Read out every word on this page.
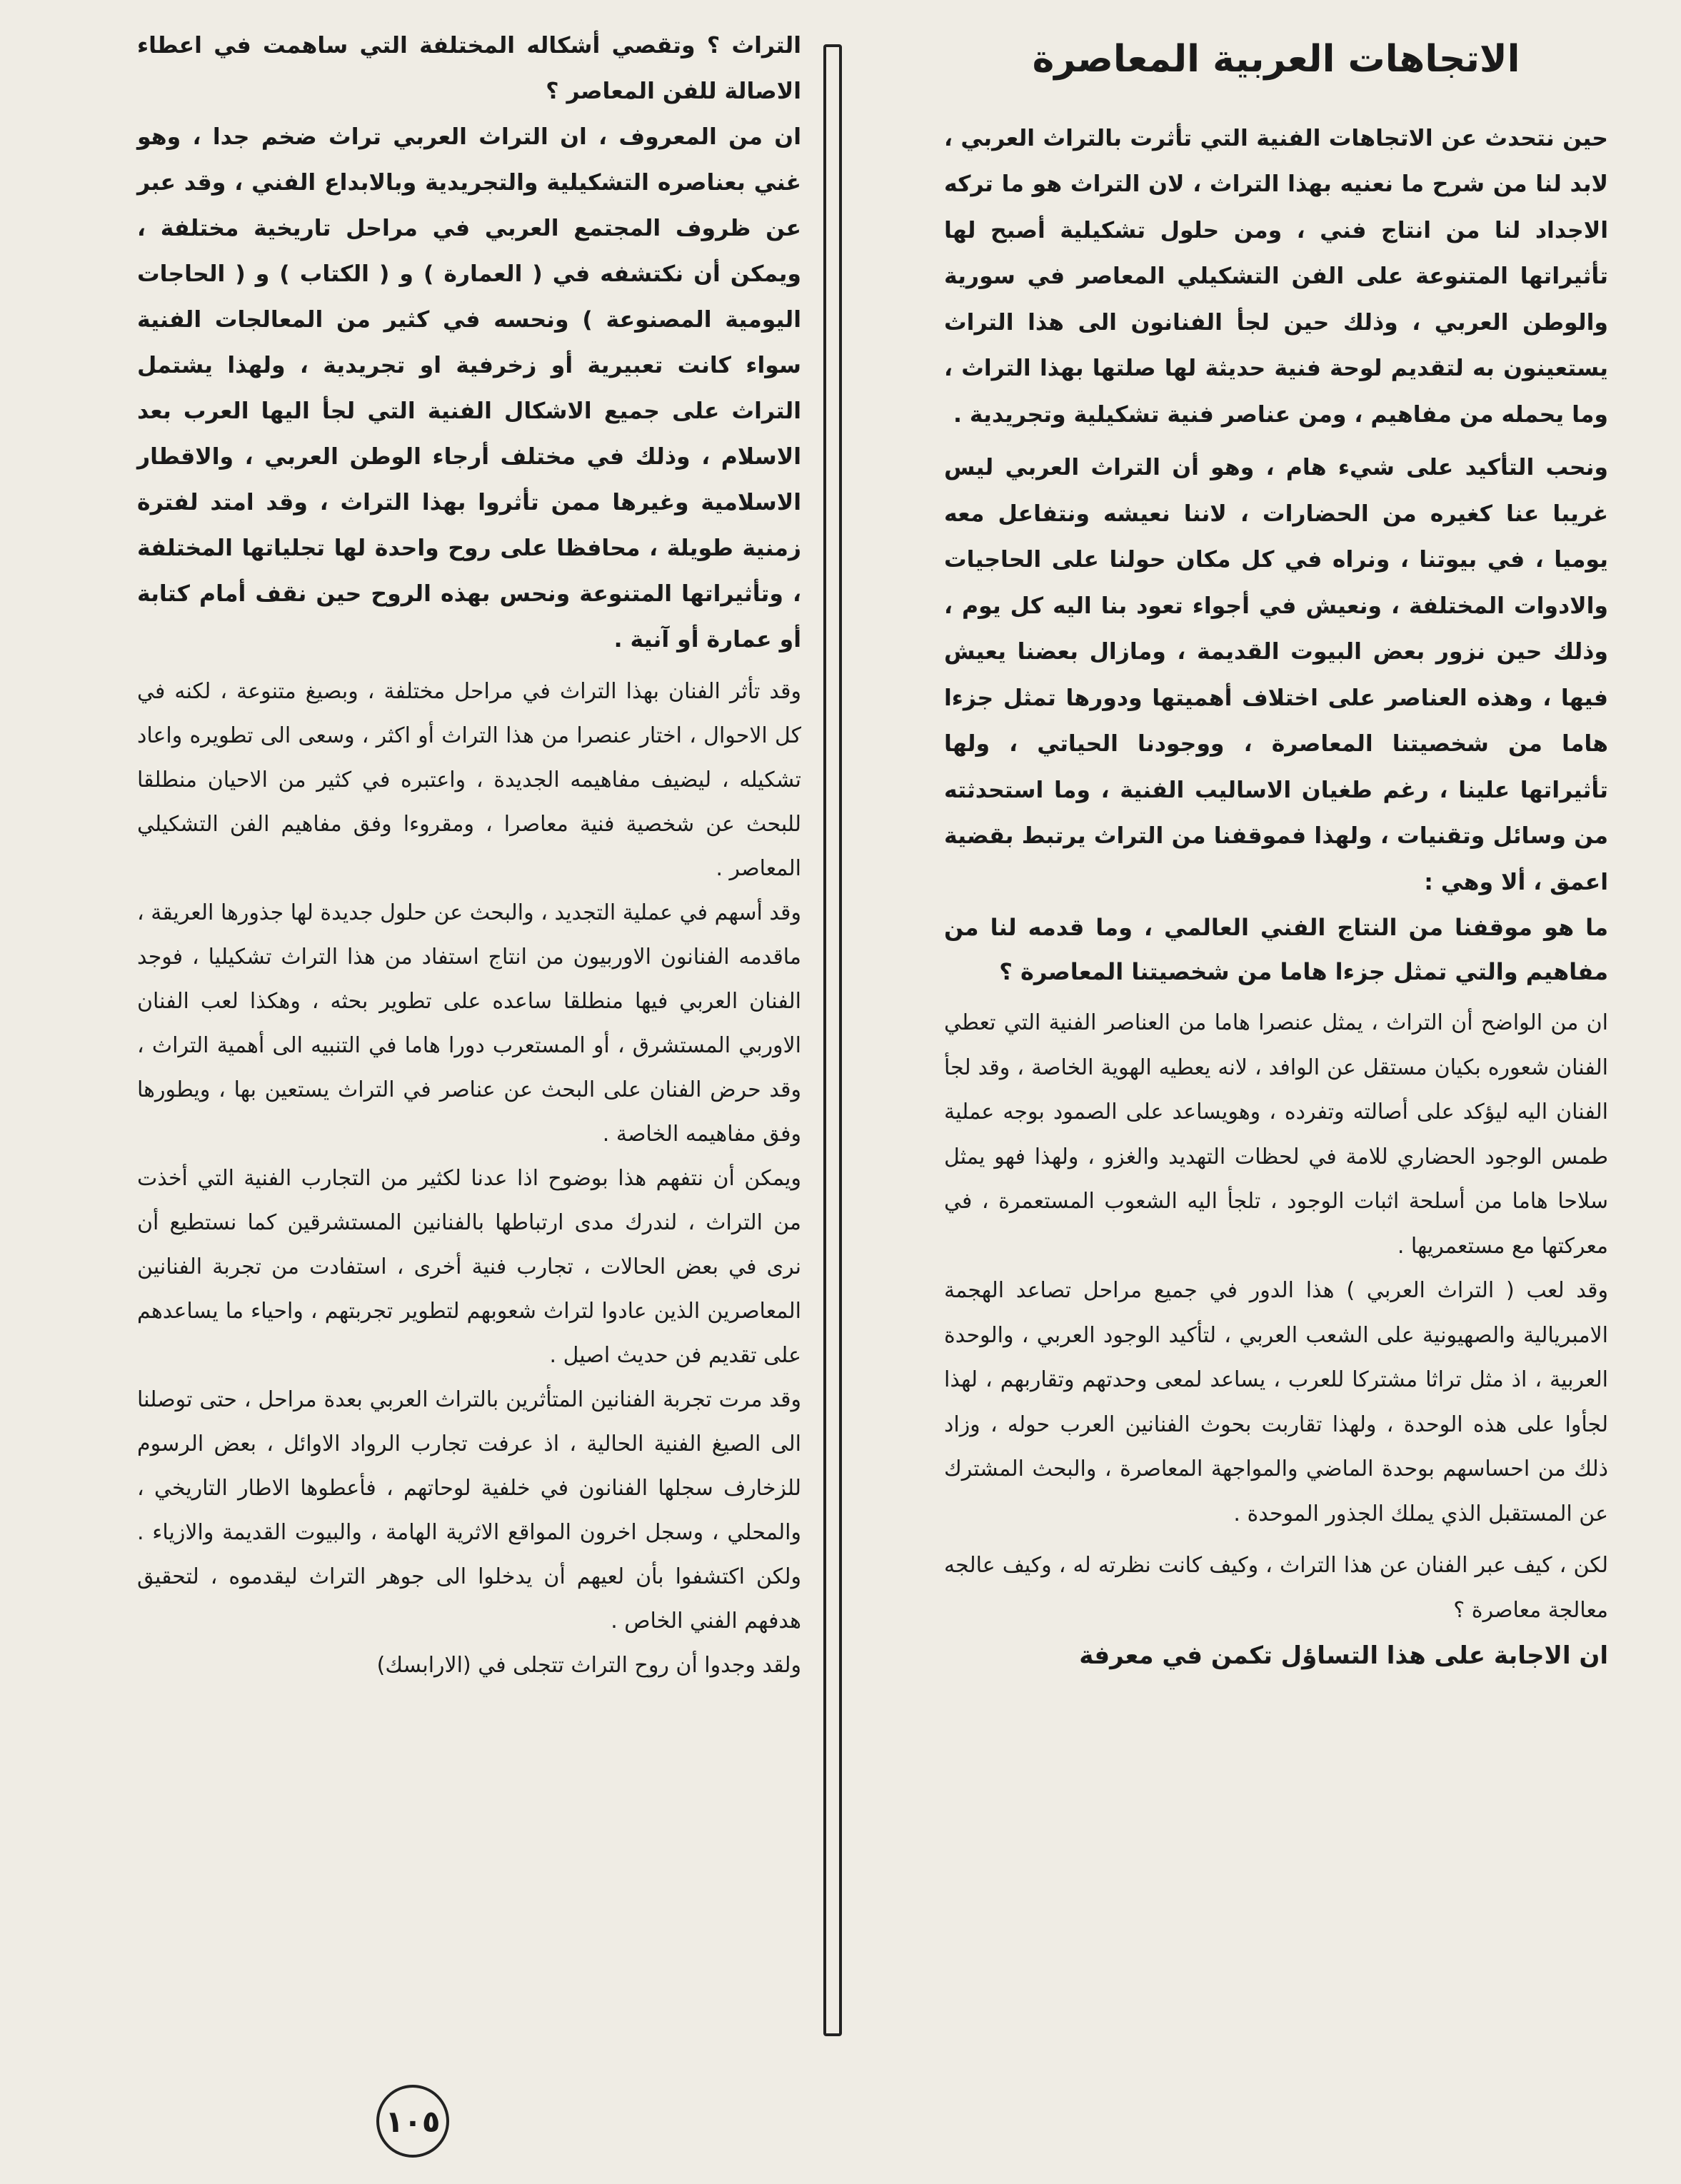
الاتجاهات العربية المعاصرة

حين نتحدث عن الاتجاهات الفنية التي تأثرت بالتراث العربي ، لابد لنا من شرح ما نعنيه بهذا التراث ، لان التراث هو ما تركه الاجداد لنا من انتاج فني ، ومن حلول تشكيلية أصبح لها تأثيراتها المتنوعة على الفن التشكيلي المعاصر في سورية والوطن العربي ، وذلك حين لجأ الفنانون الى هذا التراث يستعينون به لتقديم لوحة فنية حديثة لها صلتها بهذا التراث ، وما يحمله من مفاهيم ، ومن عناصر فنية تشكيلية وتجريدية .

ونحب التأكيد على شيء هام ، وهو أن التراث العربي ليس غريبا عنا كغيره من الحضارات ، لاننا نعيشه ونتفاعل معه يوميا ، في بيوتنا ، ونراه في كل مكان حولنا على الحاجيات والادوات المختلفة ، ونعيش في أجواء تعود بنا اليه كل يوم ، وذلك حين نزور بعض البيوت القديمة ، ومازال بعضنا يعيش فيها ، وهذه العناصر على اختلاف أهميتها ودورها تمثل جزءا هاما من شخصيتنا المعاصرة ، ووجودنا الحياتي ، ولها تأثيراتها علينا ، رغم طغيان الاساليب الفنية ، وما استحدثته من وسائل وتقنيات ، ولهذا فموقفنا من التراث يرتبط بقضية اعمق ، ألا وهي :

ما هو موقفنا من النتاج الفني العالمي ، وما قدمه لنا من مفاهيم والتي تمثل جزءا هاما من شخصيتنا المعاصرة ؟

ان من الواضح أن التراث ، يمثل عنصرا هاما من العناصر الفنية التي تعطي الفنان شعوره بكيان مستقل عن الوافد ، لانه يعطيه الهوية الخاصة ، وقد لجأ الفنان اليه ليؤكد على أصالته وتفرده ، وهويساعد على الصمود بوجه عملية طمس الوجود الحضاري للامة في لحظات التهديد والغزو ، ولهذا فهو يمثل سلاحا هاما من أسلحة اثبات الوجود ، تلجأ اليه الشعوب المستعمرة ، في معركتها مع مستعمريها .

وقد لعب ( التراث العربي ) هذا الدور في جميع مراحل تصاعد الهجمة الامبريالية والصهيونية على الشعب العربي ، لتأكيد الوجود العربي ، والوحدة العربية ، اذ مثل تراثا مشتركا للعرب ، يساعد لمعى وحدتهم وتقاربهم ، لهذا لجأوا على هذه الوحدة ، ولهذا تقاربت بحوث الفنانين العرب حوله ، وزاد ذلك من احساسهم بوحدة الماضي والمواجهة المعاصرة ، والبحث المشترك عن المستقبل الذي يملك الجذور الموحدة .

لكن ، كيف عبر الفنان عن هذا التراث ، وكيف كانت نظرته له ، وكيف عالجه معالجة معاصرة ؟

ان الاجابة على هذا التساؤل تكمن في معرفة

التراث ؟ وتقصي أشكاله المختلفة التي ساهمت في اعطاء الاصالة للفن المعاصر ؟

ان من المعروف ، ان التراث العربي تراث ضخم جدا ، وهو غني بعناصره التشكيلية والتجريدية وبالابداع الفني ، وقد عبر عن ظروف المجتمع العربي في مراحل تاريخية مختلفة ، ويمكن أن نكتشفه في ( العمارة ) و ( الكتاب ) و ( الحاجات اليومية المصنوعة ) ونحسه في كثير من المعالجات الفنية سواء كانت تعبيرية أو زخرفية او تجريدية ، ولهذا يشتمل التراث على جميع الاشكال الفنية التي لجأ اليها العرب بعد الاسلام ، وذلك في مختلف أرجاء الوطن العربي ، والاقطار الاسلامية وغيرها ممن تأثروا بهذا التراث ، وقد امتد لفترة زمنية طويلة ، محافظا على روح واحدة لها تجلياتها المختلفة ، وتأثيراتها المتنوعة ونحس بهذه الروح حين نقف أمام كتابة أو عمارة أو آنية .

وقد تأثر الفنان بهذا التراث في مراحل مختلفة ، وبصيغ متنوعة ، لكنه في كل الاحوال ، اختار عنصرا من هذا التراث أو اكثر ، وسعى الى تطويره واعاد تشكيله ، ليضيف مفاهيمه الجديدة ، واعتبره في كثير من الاحيان منطلقا للبحث عن شخصية فنية معاصرا ، ومقروءا وفق مفاهيم الفن التشكيلي المعاصر .

وقد أسهم في عملية التجديد ، والبحث عن حلول جديدة لها جذورها العريقة ، ماقدمه الفنانون الاوربيون من انتاج استفاد من هذا التراث تشكيليا ، فوجد الفنان العربي فيها منطلقا ساعده على تطوير بحثه ، وهكذا لعب الفنان الاوربي المستشرق ، أو المستعرب دورا هاما في التنبيه الى أهمية التراث ، وقد حرض الفنان على البحث عن عناصر في التراث يستعين بها ، ويطورها وفق مفاهيمه الخاصة .

ويمكن أن نتفهم هذا بوضوح اذا عدنا لكثير من التجارب الفنية التي أخذت من التراث ، لندرك مدى ارتباطها بالفنانين المستشرقين كما نستطيع أن نرى في بعض الحالات ، تجارب فنية أخرى ، استفادت من تجربة الفنانين المعاصرين الذين عادوا لتراث شعوبهم لتطوير تجربتهم ، واحياء ما يساعدهم على تقديم فن حديث اصيل .

وقد مرت تجربة الفنانين المتأثرين بالتراث العربي بعدة مراحل ، حتى توصلنا الى الصيغ الفنية الحالية ، اذ عرفت تجارب الرواد الاوائل ، بعض الرسوم للزخارف سجلها الفنانون في خلفية لوحاتهم ، فأعطوها الاطار التاريخي ، والمحلي ، وسجل اخرون المواقع الاثرية الهامة ، والبيوت القديمة والازياء . ولكن اكتشفوا بأن لعيهم أن يدخلوا الى جوهر التراث ليقدموه ، لتحقيق هدفهم الفني الخاص .

ولقد وجدوا أن روح التراث تتجلى في (الارابسك)

١٠٥
